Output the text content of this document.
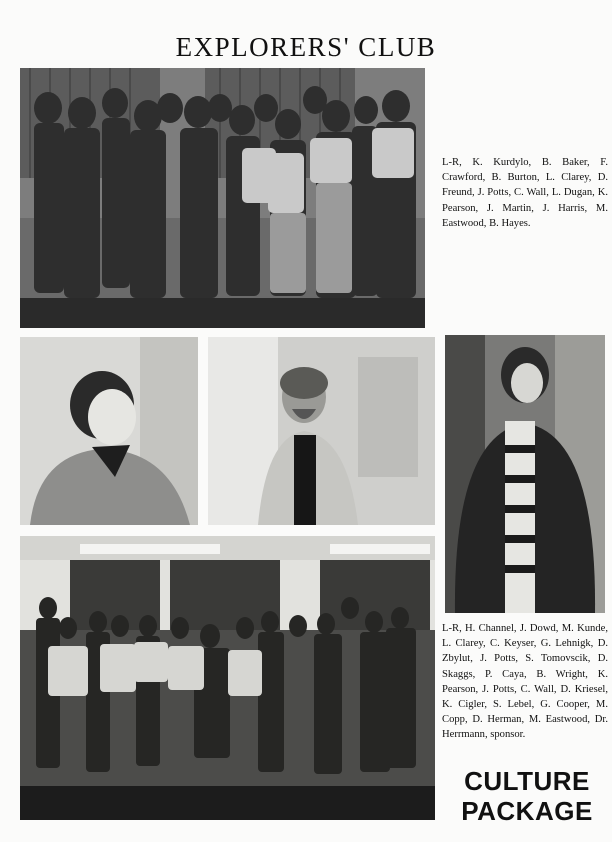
EXPLORERS' CLUB

L-R, K. Kurdylo, B. Baker, F. Crawford, B. Burton, L. Clarey, D. Freund, J. Potts, C. Wall, L. Dugan, K. Pearson, J. Martin, J. Harris, M. Eastwood, B. Hayes.

L-R, H. Channel, J. Dowd, M. Kunde, L. Clarey, C. Keyser, G. Lehnigk, D. Zbylut, J. Potts, S. Tomovscik, D. Skaggs, P. Caya, B. Wright, K. Pearson, J. Potts, C. Wall, D. Kriesel, K. Cigler, S. Lebel, G. Cooper, M. Copp, D. Herman, M. Eastwood, Dr. Herrmann, sponsor.

CULTURE
PACKAGE
